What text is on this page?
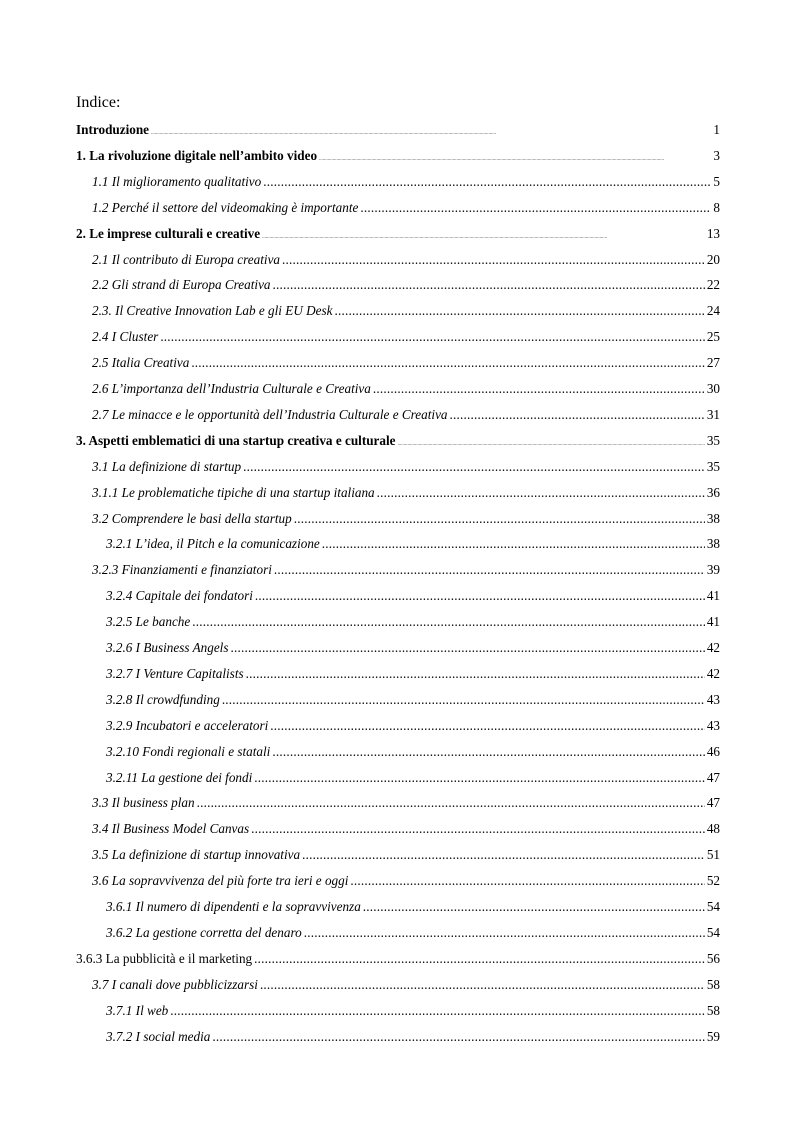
Indice:
Introduzione .....	1
1. La rivoluzione digitale nell’ambito video .....	3
1.1 Il miglioramento qualitativo .....	5
1.2 Perché il settore del videomaking è importante .....	8
2. Le imprese culturali e creative .....	13
2.1 Il contributo di Europa creativa .....	20
2.2 Gli strand di Europa Creativa .....	22
2.3. Il Creative Innovation Lab e gli EU Desk .....	24
2.4 I Cluster .....	25
2.5 Italia Creativa .....	27
2.6 L’importanza dell’Industria Culturale e Creativa .....	30
2.7 Le minacce e le opportunità dell’Industria Culturale e Creativa .....	31
3. Aspetti emblematici di una startup creativa e culturale .....	35
3.1 La definizione di startup .....	35
3.1.1 Le problematiche tipiche di una startup italiana .....	36
3.2 Comprendere le basi della startup .....	38
3.2.1 L’idea, il Pitch e la comunicazione .....	38
3.2.3 Finanziamenti e finanziatori .....	39
3.2.4 Capitale dei fondatori .....	41
3.2.5 Le banche .....	41
3.2.6 I Business Angels .....	42
3.2.7 I Venture Capitalists .....	42
3.2.8 Il crowdfunding .....	43
3.2.9 Incubatori e acceleratori .....	43
3.2.10 Fondi regionali e statali .....	46
3.2.11 La gestione dei fondi .....	47
3.3 Il business plan .....	47
3.4 Il Business Model Canvas .....	48
3.5 La definizione di startup innovativa .....	51
3.6 La sopravvivenza del più forte tra ieri e oggi .....	52
3.6.1 Il numero di dipendenti e la sopravvivenza .....	54
3.6.2 La gestione corretta del denaro .....	54
3.6.3 La pubblicità e il marketing .....	56
3.7 I canali dove pubblicizzarsi .....	58
3.7.1 Il web .....	58
3.7.2 I social media .....	59
